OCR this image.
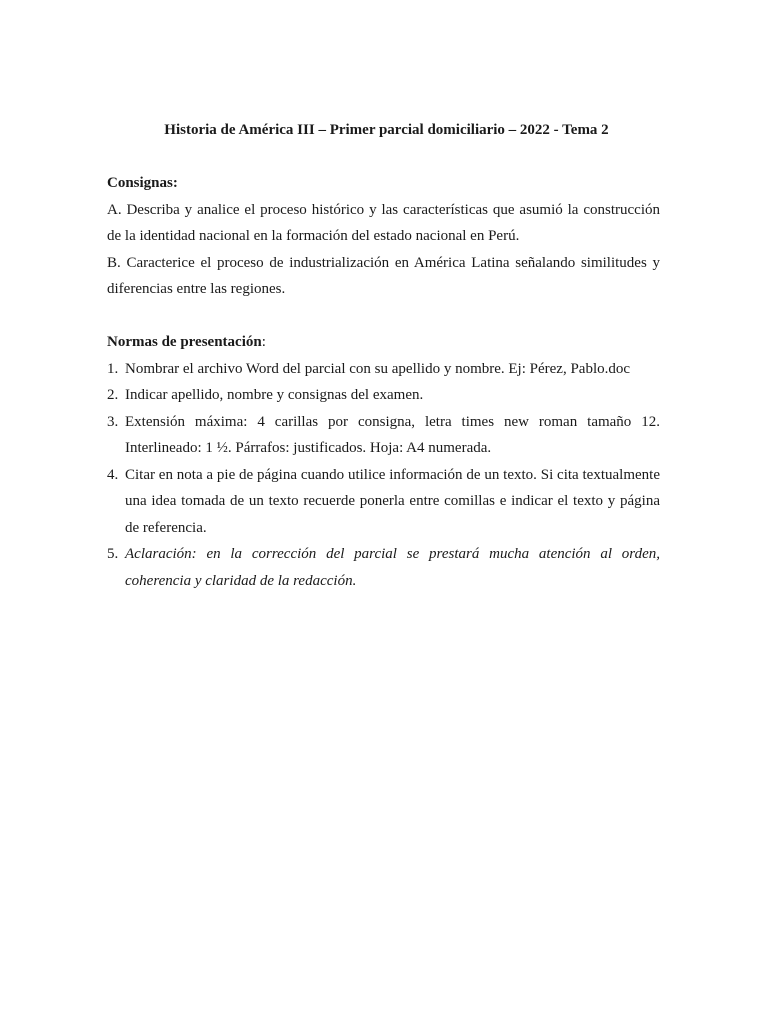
Historia de América III – Primer parcial domiciliario – 2022 - Tema 2

Consignas:

A. Describa y analice el proceso histórico y las características que asumió la construcción de la identidad nacional en la formación del estado nacional en Perú.

B. Caracterice el proceso de industrialización en América Latina señalando similitudes y diferencias entre las regiones.

Normas de presentación:

1. Nombrar el archivo Word del parcial con su apellido y nombre. Ej: Pérez, Pablo.doc
2. Indicar apellido, nombre y consignas del examen.
3. Extensión máxima: 4 carillas por consigna, letra times new roman tamaño 12. Interlineado: 1 ½. Párrafos: justificados. Hoja: A4 numerada.
4. Citar en nota a pie de página cuando utilice información de un texto. Si cita textualmente una idea tomada de un texto recuerde ponerla entre comillas e indicar el texto y página de referencia.
5. Aclaración: en la corrección del parcial se prestará mucha atención al orden, coherencia y claridad de la redacción.
